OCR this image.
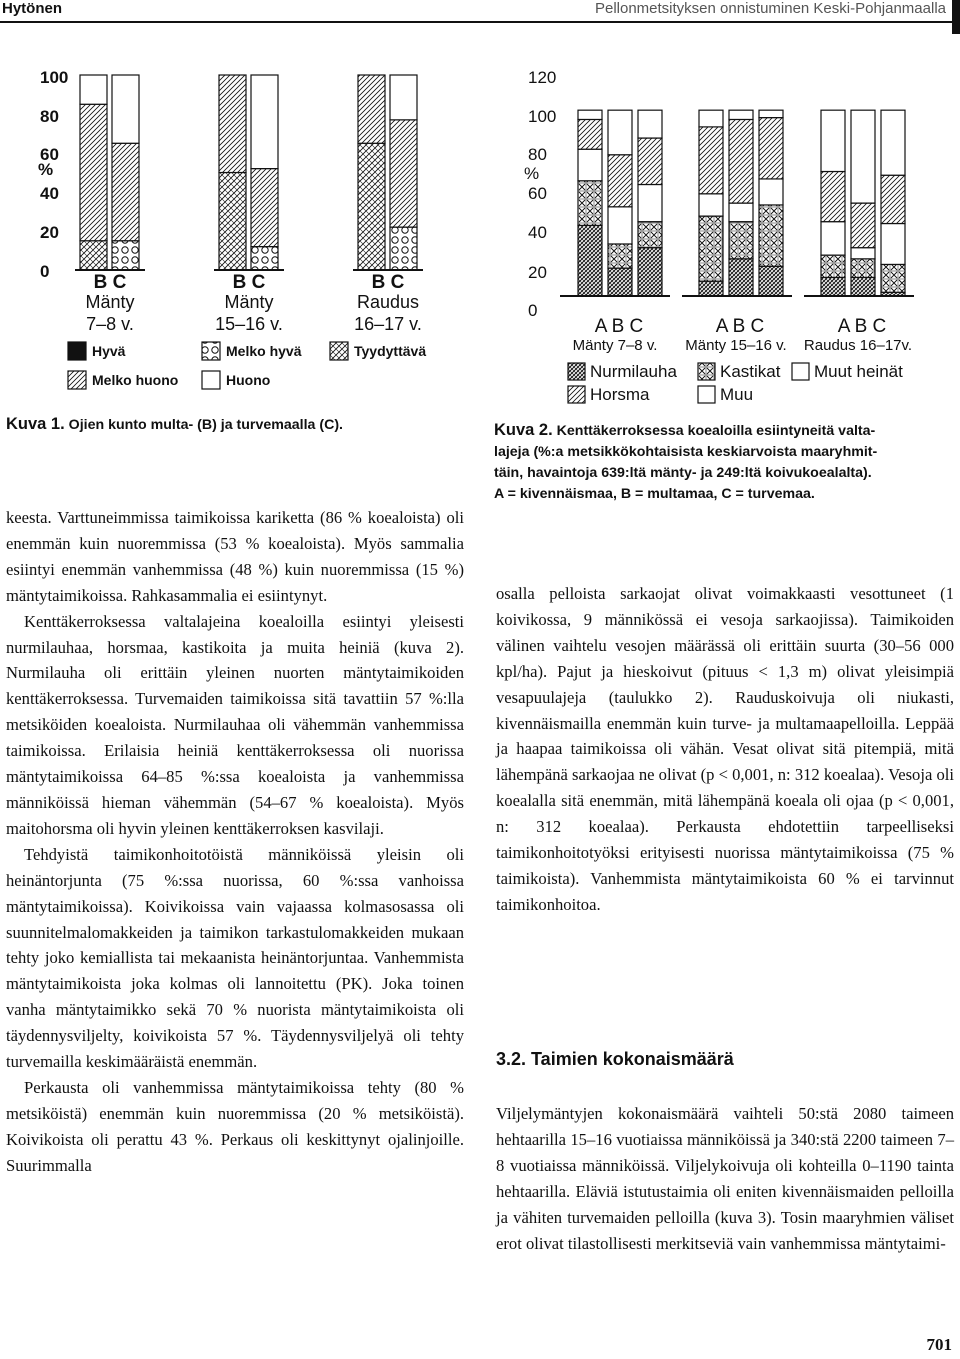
Hytönen	Pellonmetsityksen onnistuminen Keski-Pohjanmaalla
100
80
60
40
20
0
%
B C
Mänty
7–8 v.
B C
Mänty
15–16 v.
B C
Raudus
16–17 v.
Hyvä	Melko hyvä	Tyydyttävä
Melko huono	Huono
Kuva 1. Ojien kunto multa- (B) ja turvemaalla (C).
120
100
80
60
40
20
0
%
A B C
Mänty 7–8 v.
A B C
Mänty 15–16 v.
A B C
Raudus 16–17v.
Nurmilauha	Kastikat Muut heinät
Horsma	Muu
Kuva 2. Kenttäkerroksessa koealoilla esiintyneitä valta-
lajeja (%:a metsikkökohtaisista keskiarvoista maaryhmit-
täin, havaintoja 639:ltä mänty- ja 249:ltä koivukoealalta).
A = kivennäismaa, B = multamaa, C = turvemaa.

keesta. Varttuneimmissa taimikoissa kariketta (86 % koealoista) oli enemmän kuin nuoremmissa (53 % koealoista). Myös sammalia esiintyi enemmän vanhemmissa (48 %) kuin nuoremmissa (15 %) mäntytaimikoissa. Rahkasammalia ei esiintynyt.

Kenttäkerroksessa valtalajeina koealoilla esiintyi yleisesti nurmilauhaa, horsmaa, kastikoita ja muita heiniä (kuva 2). Nurmilauha oli erittäin yleinen nuorten mäntytaimikoiden kenttäkerroksessa. Turvemaiden taimikoissa sitä tavattiin 57 %:lla metsiköiden koealoista. Nurmilauhaa oli vähemmän vanhemmissa taimikoissa. Erilaisia heiniä kenttäkerroksessa oli nuorissa mäntytaimikoissa 64–85 %:ssa koealoista ja vanhemmissa männiköissä hieman vähemmän (54–67 % koealoista). Myös maitohorsma oli hyvin yleinen kenttäkerroksen kasvilaji.

Tehdyistä taimikonhoitotöistä männiköissä yleisin oli heinäntorjunta (75 %:ssa nuorissa, 60 %:ssa vanhoissa mäntytaimikoissa). Koivikoissa vain vajaassa kolmasosassa oli suunnitelmalomakkeiden ja taimikon tarkastulomakkeiden mukaan tehty joko kemiallista tai mekaanista heinäntorjuntaa. Vanhemmista mäntytaimikoista joka kolmas oli lannoitettu (PK). Joka toinen vanha mäntytaimikko sekä 70 % nuorista mäntytaimikoista oli täydennysviljelty, koivikoista 57 %. Täydennysviljelyä oli tehty turvemailla keskimääräistä enemmän.

Perkausta oli vanhemmissa mäntytaimikoissa tehty (80 % metsiköistä) enemmän kuin nuoremmissa (20 % metsiköistä). Koivikoista oli perattu 43 %. Perkaus oli keskittynyt ojalinjoille. Suurimmalla

osalla pelloista sarkaojat olivat voimakkaasti vesottuneet (1 koivikossa, 9 männikössä ei vesoja sarkaojissa). Taimikoiden välinen vaihtelu vesojen määrässä oli erittäin suurta (30–56 000 kpl/ha). Pajut ja hieskoivut (pituus < 1,3 m) olivat yleisimpiä vesapuulajeja (taulukko 2). Rauduskoivuja oli niukasti, kivennäismailla enemmän kuin turve- ja multamaapelloilla. Leppää ja haapaa taimikoissa oli vähän. Vesat olivat sitä pitempiä, mitä lähempänä sarkaojaa ne olivat (p < 0,001, n: 312 koealaa). Vesoja oli koealalla sitä enemmän, mitä lähempänä koeala oli ojaa (p < 0,001, n: 312 koealaa). Perkausta ehdotettiin tarpeelliseksi taimikonhoitotyöksi erityisesti nuorissa mäntytaimikoissa (75 % taimikoista). Vanhemmista mäntytaimikoista 60 % ei tarvinnut taimikonhoitoa.

3.2. Taimien kokonaismäärä

Viljelymäntyjen kokonaismäärä vaihteli 50:stä 2080 taimeen hehtaarilla 15–16 vuotiaissa männiköissä ja 340:stä 2200 taimeen 7–8 vuotiaissa männiköissä. Viljelykoivuja oli kohteilla 0–1190 tainta hehtaarilla. Eläviä istutustaimia oli eniten kivennäismaiden pelloilla ja vähiten turvemaiden pelloilla (kuva 3). Tosin maaryhmien väliset erot olivat tilastollisesti merkitseviä vain vanhemmissa mäntytaimi-

701
